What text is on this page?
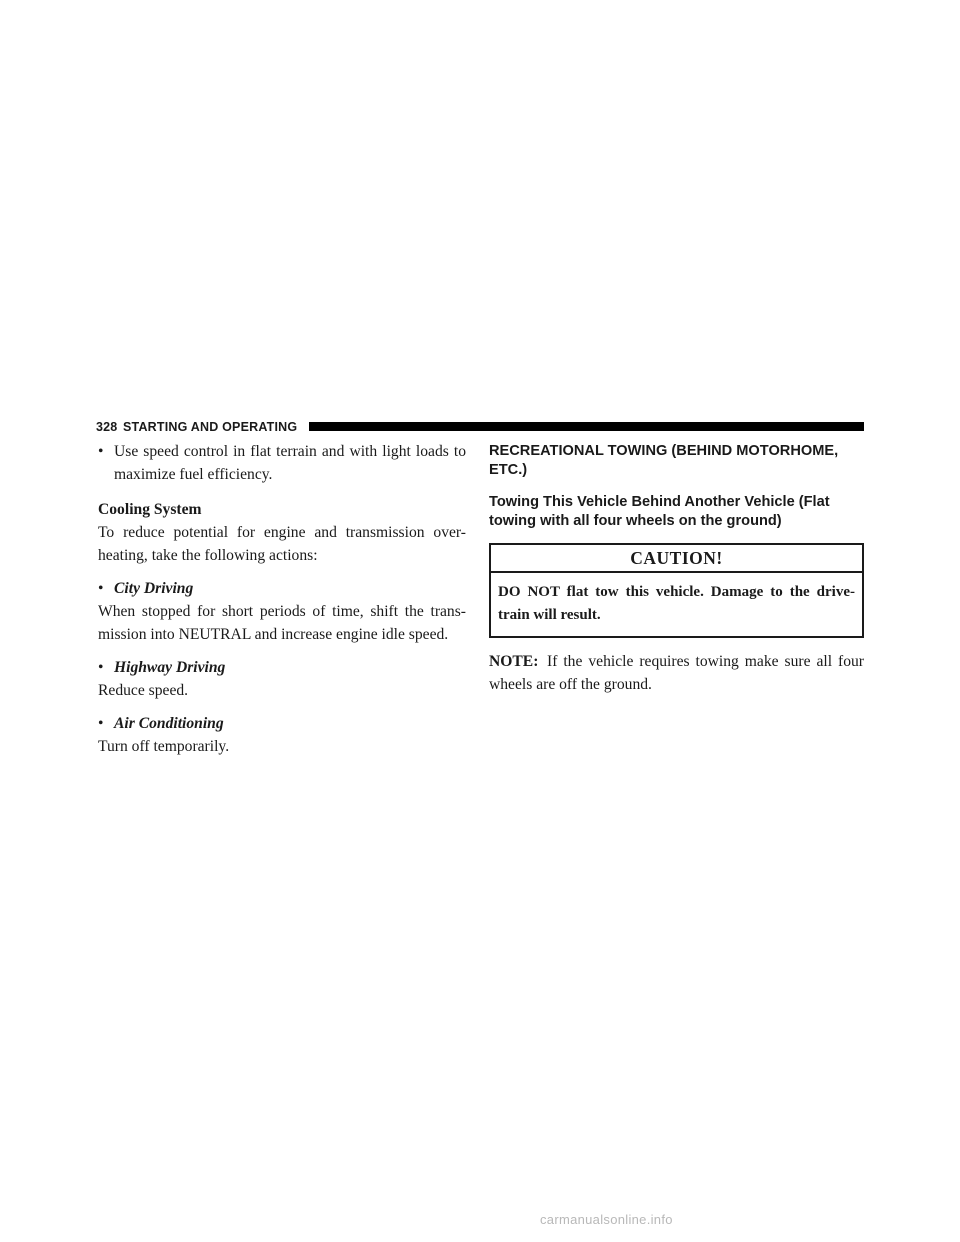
328 STARTING AND OPERATING
• Use speed control in flat terrain and with light loads to maximize fuel efficiency.

Cooling System

To reduce potential for engine and transmission over-heating, take the following actions:

• City Driving

When stopped for short periods of time, shift the trans-mission into NEUTRAL and increase engine idle speed.

• Highway Driving

Reduce speed.

• Air Conditioning

Turn off temporarily.

RECREATIONAL TOWING (BEHIND MOTORHOME, ETC.)

Towing This Vehicle Behind Another Vehicle (Flat towing with all four wheels on the ground)

CAUTION!
DO NOT flat tow this vehicle. Damage to the drive-train will result.

NOTE: If the vehicle requires towing make sure all four wheels are off the ground.

carmanualsonline.info
